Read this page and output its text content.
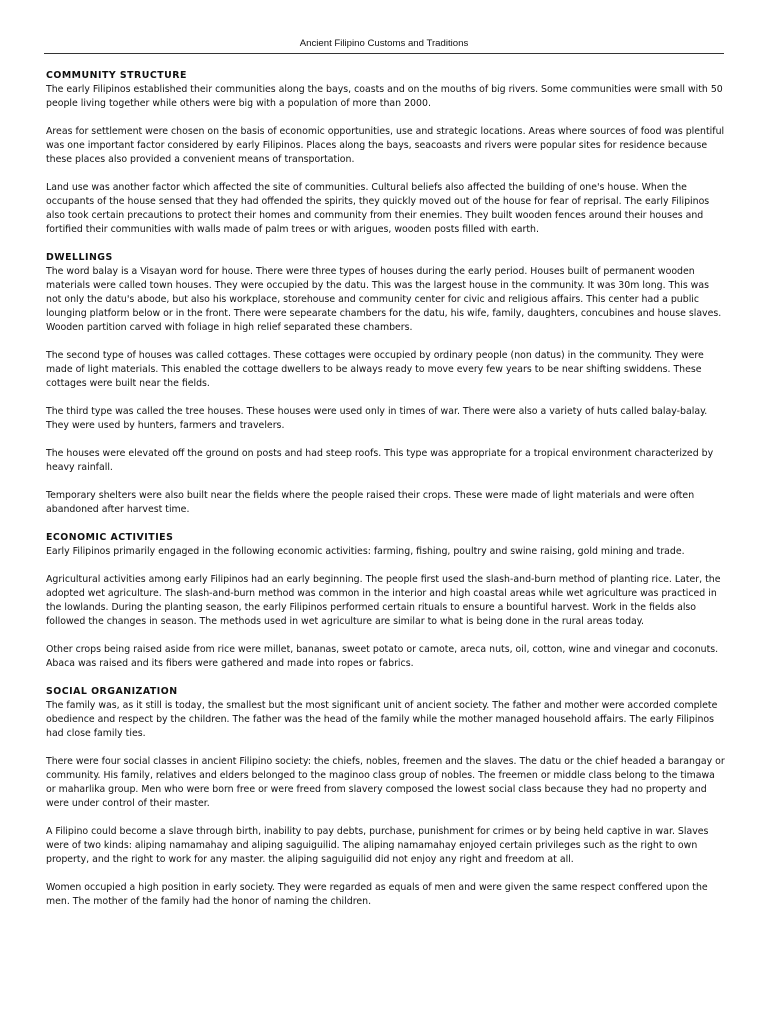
Ancient Filipino Customs and Traditions

COMMUNITY STRUCTURE

The early Filipinos established their communities along the bays, coasts and on the mouths of big rivers. Some communities were small with 50 people living together while others were big with a population of more than 2000.

Areas for settlement were chosen on the basis of economic opportunities, use and strategic locations. Areas where sources of food was plentiful was one important factor considered by early Filipinos. Places along the bays, seacoasts and rivers were popular sites for residence because these places also provided a convenient means of transportation.

Land use was another factor which affected the site of communities. Cultural beliefs also affected the building of one's house. When the occupants of the house sensed that they had offended the spirits, they quickly moved out of the house for fear of reprisal. The early Filipinos also took certain precautions to protect their homes and community from their enemies. They built wooden fences around their houses and fortified their communities with walls made of palm trees or with arigues, wooden posts filled with earth.

DWELLINGS

The word balay is a Visayan word for house. There were three types of houses during the early period. Houses built of permanent wooden materials were called town houses. They were occupied by the datu. This was the largest house in the community. It was 30m long. This was not only the datu's abode, but also his workplace, storehouse and community center for civic and religious affairs. This center had a public lounging platform below or in the front. There were sepearate chambers for the datu, his wife, family, daughters, concubines and house slaves. Wooden partition carved with foliage in high relief separated these chambers.

The second type of houses was called cottages. These cottages were occupied by ordinary people (non datus) in the community. They were made of light materials. This enabled the cottage dwellers to be always ready to move every few years to be near shifting swiddens. These cottages were built near the fields.

The third type was called the tree houses. These houses were used only in times of war. There were also a variety of huts called balay-balay. They were used by hunters, farmers and travelers.

The houses were elevated off the ground on posts and had steep roofs. This type was appropriate for a tropical environment characterized by heavy rainfall.

Temporary shelters were also built near the fields where the people raised their crops. These were made of light materials and were often abandoned after harvest time.

ECONOMIC ACTIVITIES

Early Filipinos primarily engaged in the following economic activities: farming, fishing, poultry and swine raising, gold mining and trade.

Agricultural activities among early Filipinos had an early beginning. The people first used the slash-and-burn method of planting rice. Later, the adopted wet agriculture. The slash-and-burn method was common in the interior and high coastal areas while wet agriculture was practiced in the lowlands. During the planting season, the early Filipinos performed certain rituals to ensure a bountiful harvest. Work in the fields also followed the changes in season. The methods used in wet agriculture are similar to what is being done in the rural areas today.

Other crops being raised aside from rice were millet, bananas, sweet potato or camote, areca nuts, oil, cotton, wine and vinegar and coconuts. Abaca was raised and its fibers were gathered and made into ropes or fabrics.

SOCIAL ORGANIZATION

The family was, as it still is today, the smallest but the most significant unit of ancient society. The father and mother were accorded complete obedience and respect by the children. The father was the head of the family while the mother managed household affairs. The early Filipinos had close family ties.

There were four social classes in ancient Filipino society: the chiefs, nobles, freemen and the slaves. The datu or the chief headed a barangay or community. His family, relatives and elders belonged to the maginoo class group of nobles. The freemen or middle class belong to the timawa or maharlika group. Men who were born free or were freed from slavery composed the lowest social class because they had no property and were under control of their master.

A Filipino could become a slave through birth, inability to pay debts, purchase, punishment for crimes or by being held captive in war. Slaves were of two kinds: aliping namamahay and aliping saguiguilid. The aliping namamahay enjoyed certain privileges such as the right to own property, and the right to work for any master. the aliping saguiguilid did not enjoy any right and freedom at all.

Women occupied a high position in early society. They were regarded as equals of men and were given the same respect conffered upon the men. The mother of the family had the honor of naming the children.
